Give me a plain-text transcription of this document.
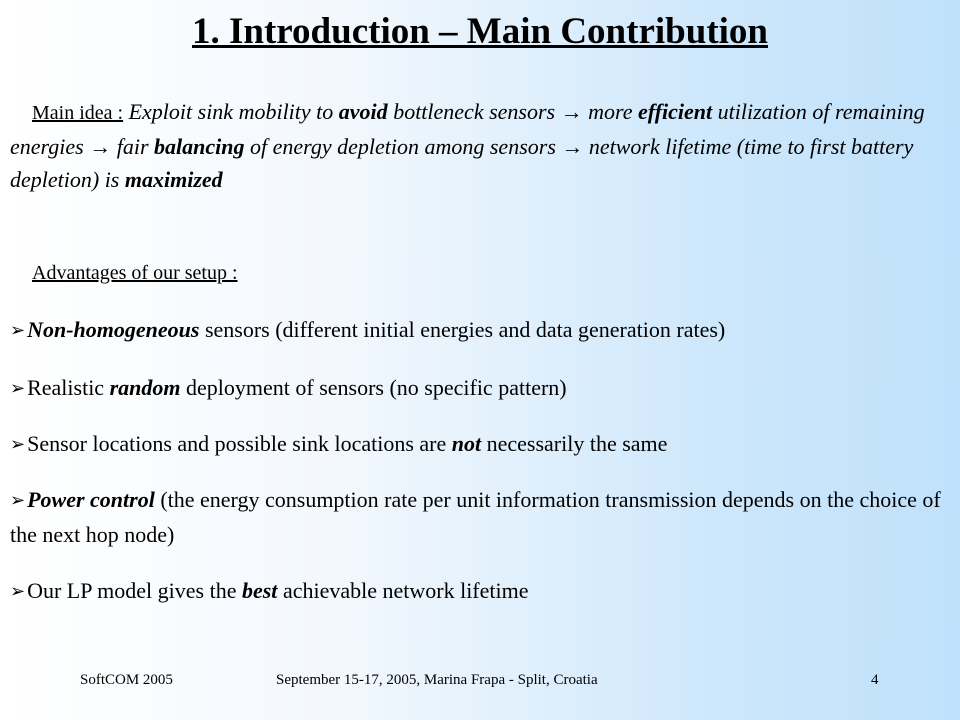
1. Introduction – Main Contribution
Main idea : Exploit sink mobility to avoid bottleneck sensors → more efficient utilization of remaining energies → fair balancing of energy depletion among sensors → network lifetime (time to first battery depletion) is maximized
Advantages of our setup :
➢Non-homogeneous sensors (different initial energies and data generation rates)
➢Realistic random deployment of sensors (no specific pattern)
➢Sensor locations and possible sink locations are not necessarily the same
➢Power control (the energy consumption rate per unit information transmission depends on the choice of the next hop node)
➢Our LP model gives the best achievable network lifetime
SoftCOM 2005	September 15-17, 2005, Marina Frapa - Split, Croatia	4
